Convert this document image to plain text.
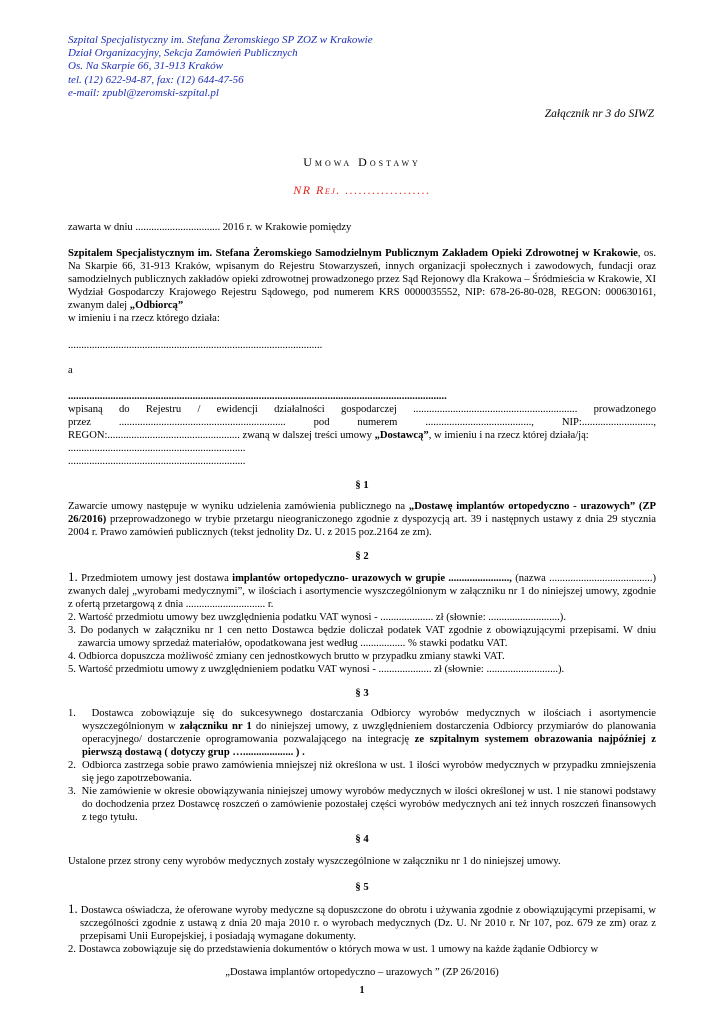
Szpital Specjalistyczny im. Stefana Żeromskiego SP ZOZ w Krakowie
Dział Organizacyjny, Sekcja Zamówień Publicznych
Os. Na Skarpie 66, 31-913 Kraków
tel. (12) 622-94-87, fax: (12) 644-47-56
e-mail: zpubl@zeromski-szpital.pl
Załącznik nr 3 do SIWZ
Umowa Dostawy
NR Rej. ...................
zawarta w dniu ................................ 2016 r. w Krakowie pomiędzy
Szpitalem Specjalistycznym im. Stefana Żeromskiego Samodzielnym Publicznym Zakładem Opieki Zdrowotnej w Krakowie, os. Na Skarpie 66, 31-913 Kraków, wpisanym do Rejestru Stowarzyszeń, innych organizacji społecznych i zawodowych, fundacji oraz samodzielnych publicznych zakładów opieki zdrowotnej prowadzonego przez Sąd Rejonowy dla Krakowa – Śródmieścia w Krakowie, XI Wydział Gospodarczy Krajowego Rejestru Sądowego, pod numerem KRS 0000035552, NIP: 678-26-80-028, REGON: 000630161, zwanym dalej „Odbiorcą”
w imieniu i na rzecz którego działa:
................................................................................................
a
...............................................................................................................................................
wpisaną do Rejestru / ewidencji działalności gospodarczej .............................................................. prowadzonego
przez ............................................................... pod numerem ........................................, NIP:...........................,
REGON:.................................................. zwaną w dalszej treści umowy „Dostawcą”, w imieniu i na rzecz której działa/ją:
...................................................................
...................................................................
§ 1
Zawarcie umowy następuje w wyniku udzielenia zamówienia publicznego na „Dostawę implantów ortopedyczno - urazowych” (ZP 26/2016) przeprowadzonego w trybie przetargu nieograniczonego zgodnie z dyspozycją art. 39 i następnych ustawy z dnia 29 stycznia 2004 r. Prawo zamówień publicznych (tekst jednolity Dz. U. z 2015 poz.2164 ze zm).
§ 2
1. Przedmiotem umowy jest dostawa implantów ortopedyczno- urazowych w grupie ......................., (nazwa .......................................) zwanych dalej „wyrobami medycznymi”, w ilościach i asortymencie wyszczególnionym w załączniku nr 1 do niniejszej umowy, zgodnie z ofertą przetargową z dnia .............................. r.
2. Wartość przedmiotu umowy bez uwzględnienia podatku VAT wynosi - .................... zł (słownie: ...........................).
3. Do podanych w załączniku nr 1 cen netto Dostawca będzie doliczał podatek VAT zgodnie z obowiązującymi przepisami. W dniu zawarcia umowy sprzedaż materiałów, opodatkowana jest według ................. % stawki podatku VAT.
4. Odbiorca dopuszcza możliwość zmiany cen jednostkowych brutto w przypadku zmiany stawki VAT.
5. Wartość przedmiotu umowy z uwzględnieniem podatku VAT wynosi - .................... zł (słownie: ...........................).
§ 3
1.  Dostawca zobowiązuje się do sukcesywnego dostarczania Odbiorcy wyrobów medycznych w ilościach i asortymencie wyszczególnionym w załączniku nr 1 do niniejszej umowy, z uwzględnieniem dostarczenia Odbiorcy przymiarów do planowania operacyjnego/ dostarczenie oprogramowania pozwalającego na integrację ze szpitalnym systemem obrazowania najpóźniej z pierwszą dostawą ( dotyczy grup …................... ) .
2.  Odbiorca zastrzega sobie prawo zamówienia mniejszej niż określona w ust. 1 ilości wyrobów medycznych w przypadku zmniejszenia się jego zapotrzebowania.
3.  Nie zamówienie w okresie obowiązywania niniejszej umowy wyrobów medycznych w ilości określonej w ust. 1 nie stanowi podstawy do dochodzenia przez Dostawcę roszczeń o zamówienie pozostałej części wyrobów medycznych ani też innych roszczeń finansowych z tego tytułu.
§ 4
Ustalone przez strony ceny wyrobów medycznych zostały wyszczególnione w załączniku nr 1 do niniejszej umowy.
§ 5
1. Dostawca oświadcza, że oferowane wyroby medyczne są dopuszczone do obrotu i używania zgodnie z obowiązującymi przepisami, w szczególności zgodnie z ustawą z dnia 20 maja 2010 r. o wyrobach medycznych (Dz. U. Nr 2010 r. Nr 107, poz. 679 ze zm) oraz z przepisami Unii Europejskiej, i posiadają wymagane dokumenty.
2. Dostawca zobowiązuje się do przedstawienia dokumentów o których mowa w ust. 1 umowy na każde żądanie Odbiorcy w
„Dostawa implantów ortopedyczno – urazowych ” (ZP 26/2016)
1
